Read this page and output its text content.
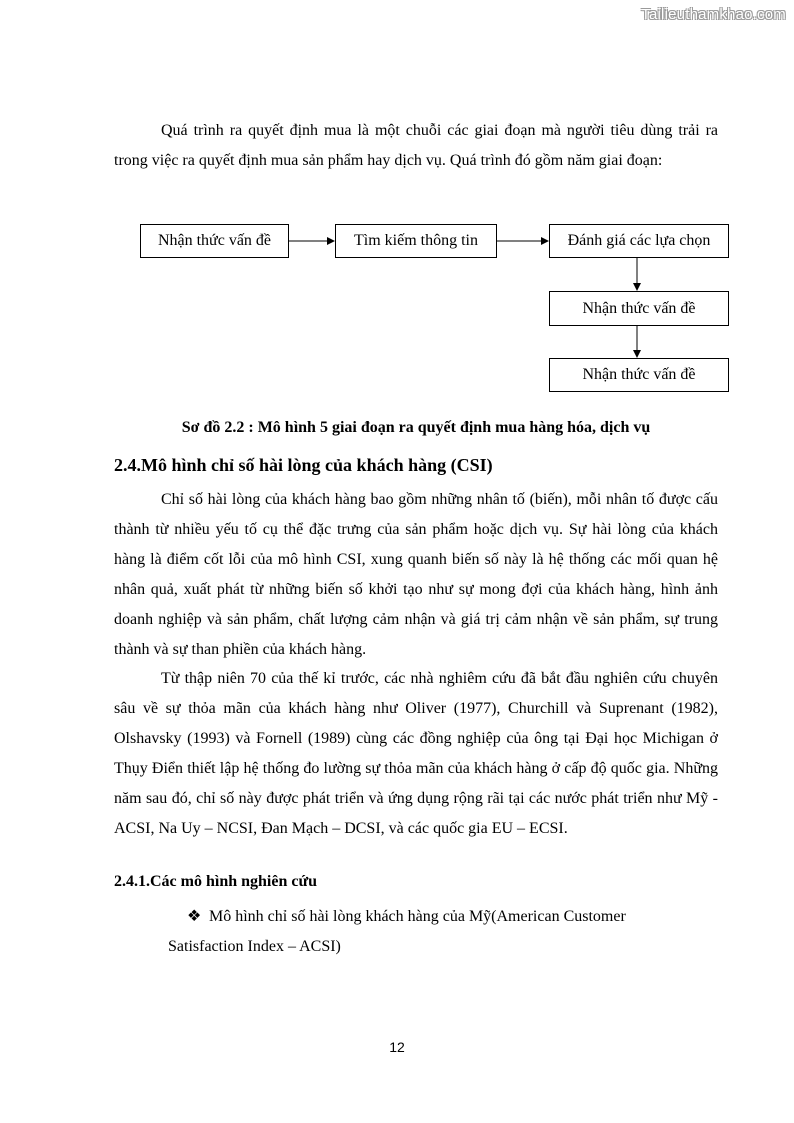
Tailieuthamkhao.com

Quá trình ra quyết định mua là một chuỗi các giai đoạn mà người tiêu dùng trải ra trong việc ra quyết định mua sản phẩm hay dịch vụ. Quá trình đó gồm năm giai đoạn:

Nhận thức vấn đề	Tìm kiếm thông tin	Đánh giá các lựa chọn
Nhận thức vấn đề
Nhận thức vấn đề
Sơ đồ 2.2 : Mô hình 5 giai đoạn ra quyết định mua hàng hóa, dịch vụ
2.4.Mô hình chỉ số hài lòng của khách hàng (CSI)

Chỉ số hài lòng của khách hàng bao gồm những nhân tố (biến), mỗi nhân tố được cấu thành từ nhiều yếu tố cụ thể đặc trưng của sản phẩm hoặc dịch vụ. Sự hài lòng của khách hàng là điểm cốt lỗi của mô hình CSI, xung quanh biến số này là hệ thống các mối quan hệ nhân quả, xuất phát từ những biến số khởi tạo như sự mong đợi của khách hàng, hình ảnh doanh nghiệp và sản phẩm, chất lượng cảm nhận và giá trị cảm nhận về sản phẩm, sự trung thành và sự than phiền của khách hàng.

Từ thập niên 70 của thế kỉ trước, các nhà nghiêm cứu đã bắt đầu nghiên cứu chuyên sâu về sự thỏa mãn của khách hàng như Oliver (1977), Churchill và Suprenant (1982), Olshavsky (1993) và Fornell (1989) cùng các đồng nghiệp của ông tại Đại học Michigan ở Thụy Điển thiết lập hệ thống đo lường sự thỏa mãn của khách hàng ở cấp độ quốc gia. Những năm sau đó, chỉ số này được phát triển và ứng dụng rộng rãi tại các nước phát triển như Mỹ - ACSI, Na Uy – NCSI, Đan Mạch – DCSI, và các quốc gia EU – ECSI.

2.4.1.Các mô hình nghiên cứu
❖ Mô hình chỉ số hài lòng khách hàng của Mỹ(American Customer
Satisfaction Index – ACSI)
12
